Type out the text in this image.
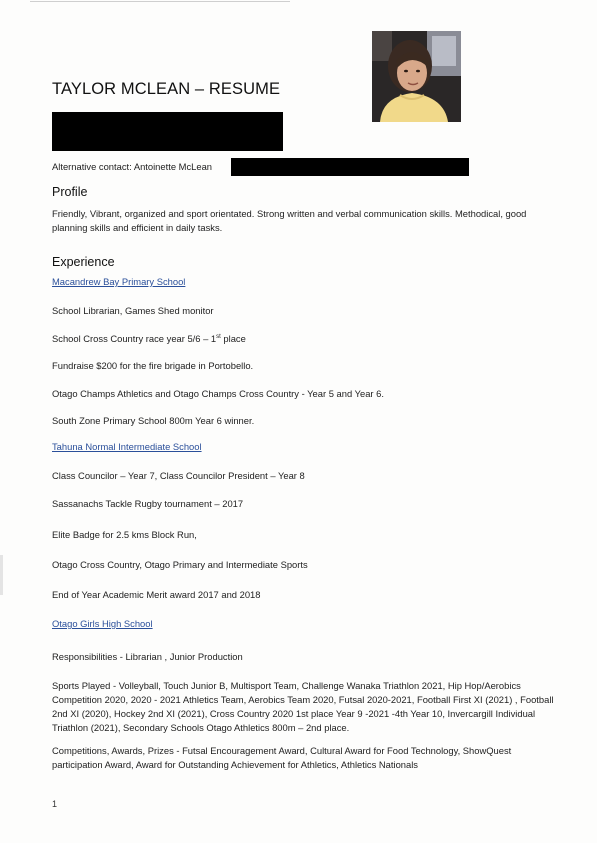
TAYLOR MCLEAN – RESUME
Alternative contact: Antoinette McLean
Profile
Friendly, Vibrant, organized and sport orientated. Strong written and verbal communication skills. Methodical, good planning skills and efficient in daily tasks.
Experience
Macandrew Bay Primary School
School Librarian, Games Shed monitor
School Cross Country race year 5/6 – 1st place
Fundraise $200 for the fire brigade in Portobello.
Otago Champs Athletics and Otago Champs Cross Country - Year 5 and Year 6.
South Zone Primary School 800m Year 6 winner.
Tahuna Normal Intermediate School
Class Councilor – Year 7, Class Councilor President – Year 8
Sassanachs Tackle Rugby tournament – 2017
Elite Badge for 2.5 kms Block Run,
Otago Cross Country, Otago Primary and Intermediate Sports
End of Year Academic Merit award 2017 and 2018
Otago Girls High School
Responsibilities - Librarian , Junior Production
Sports Played - Volleyball, Touch Junior B, Multisport Team, Challenge Wanaka Triathlon 2021, Hip Hop/Aerobics Competition 2020, 2020 - 2021 Athletics Team, Aerobics Team 2020, Futsal 2020-2021, Football First XI (2021) , Football 2nd XI (2020), Hockey 2nd XI (2021), Cross Country 2020 1st place Year 9 -2021 -4th Year 10, Invercargill Individual Triathlon (2021), Secondary Schools Otago Athletics 800m – 2nd place.
Competitions, Awards, Prizes - Futsal Encouragement Award, Cultural Award for Food Technology, ShowQuest participation Award, Award for Outstanding Achievement for Athletics, Athletics Nationals
1
